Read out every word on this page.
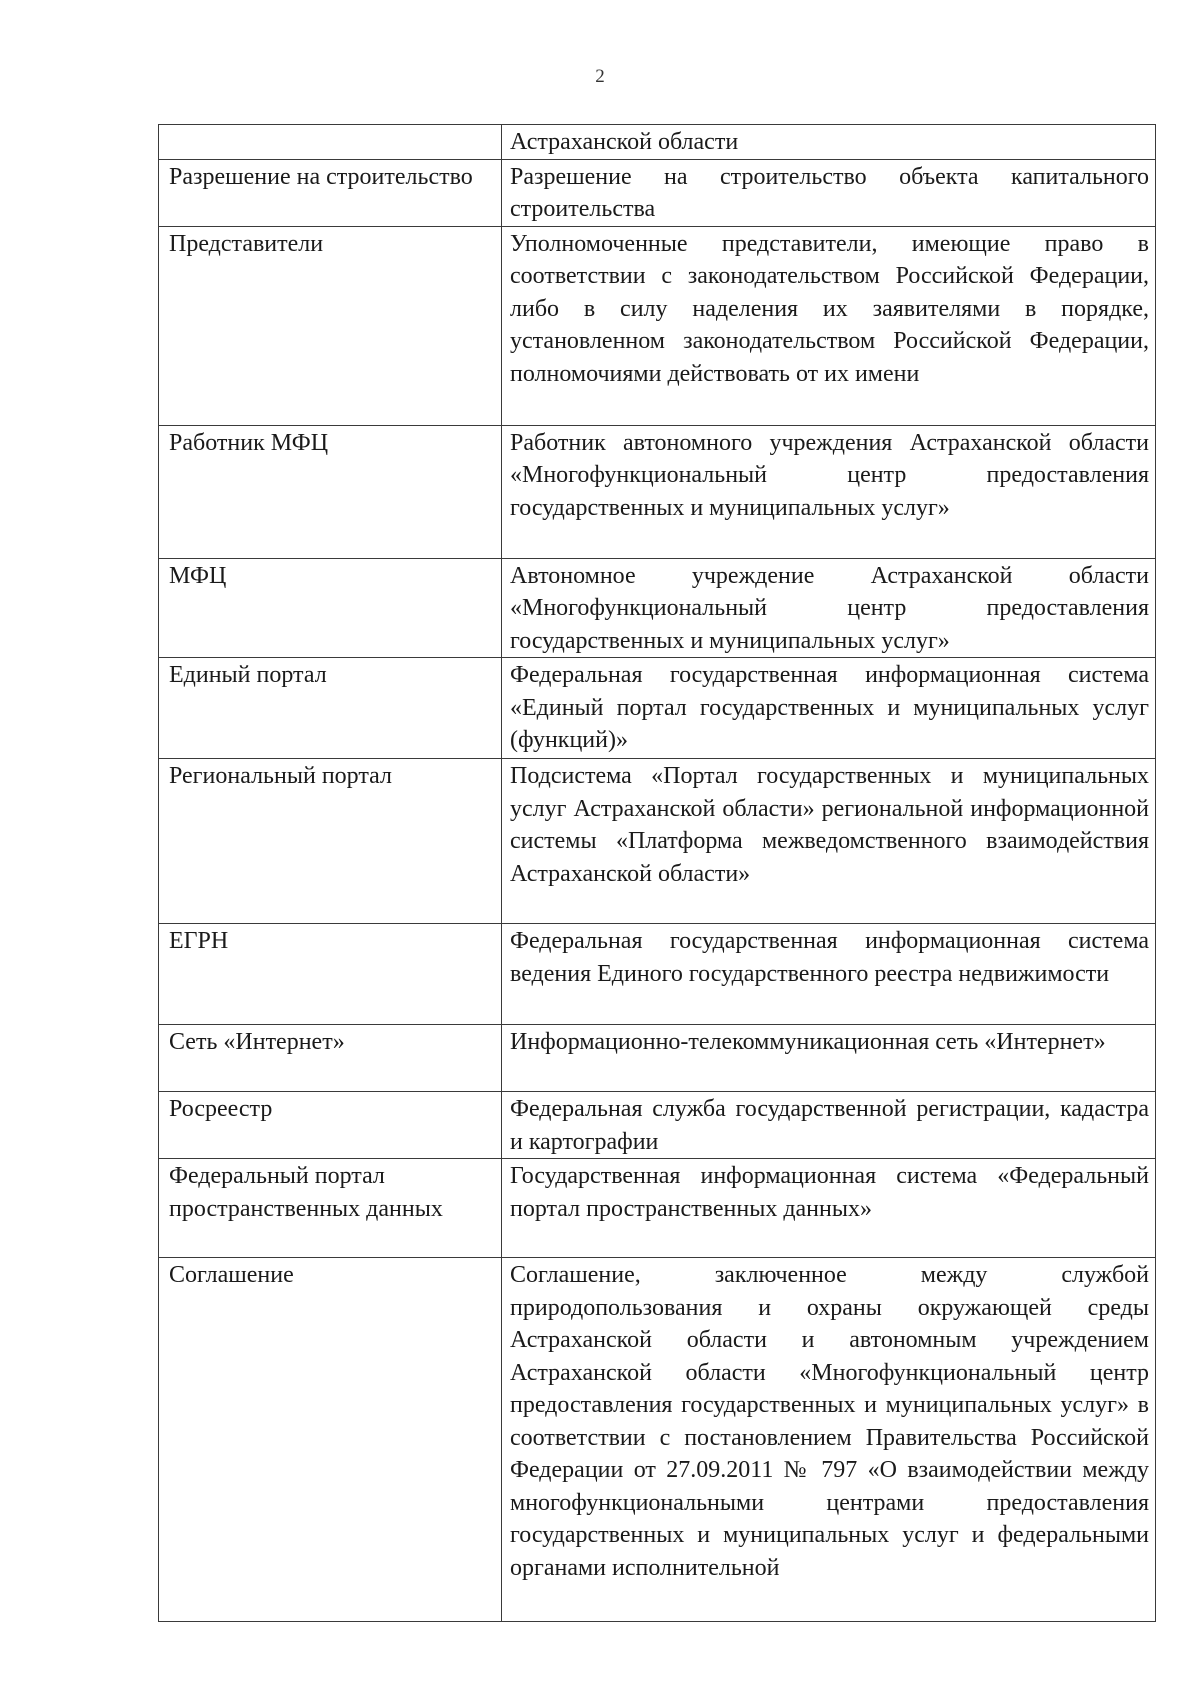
2
	Астраханской области
Разрешение на строительство	Разрешение на строительство объекта капитального строительства
Представители	Уполномоченные представители, имеющие право в соответствии с законодательством Российской Федерации, либо в силу наделения их заявителями в порядке, установленном законодательством Российской Федерации, полномочиями действовать от их имени
Работник МФЦ	Работник автономного учреждения Астраханской области «Многофункциональный центр предоставления государственных и муниципальных услуг»
МФЦ	Автономное учреждение Астраханской области «Многофункциональный центр предоставления государственных и муниципальных услуг»
Единый портал	Федеральная государственная информационная система «Единый портал государственных и муниципальных услуг (функций)»
Региональный портал	Подсистема «Портал государственных и муниципальных услуг Астраханской области» региональной информационной системы «Платформа межведомственного взаимодействия Астраханской области»
ЕГРН	Федеральная государственная информационная система ведения Единого государственного реестра недвижимости
Сеть «Интернет»	Информационно-телекоммуникационная сеть «Интернет»
Росреестр	Федеральная служба государственной регистрации, кадастра и картографии
Федеральный портал пространственных данных	Государственная информационная система «Федеральный портал пространственных данных»
Соглашение	Соглашение, заключенное между службой природопользования и охраны окружающей среды Астраханской области и автономным учреждением Астраханской области «Многофункциональный центр предоставления государственных и муниципальных услуг» в соответствии с постановлением Правительства Российской Федерации от 27.09.2011 № 797 «О взаимодействии между многофункциональными центрами предоставления государственных и муниципальных услуг и федеральными органами исполнительной
